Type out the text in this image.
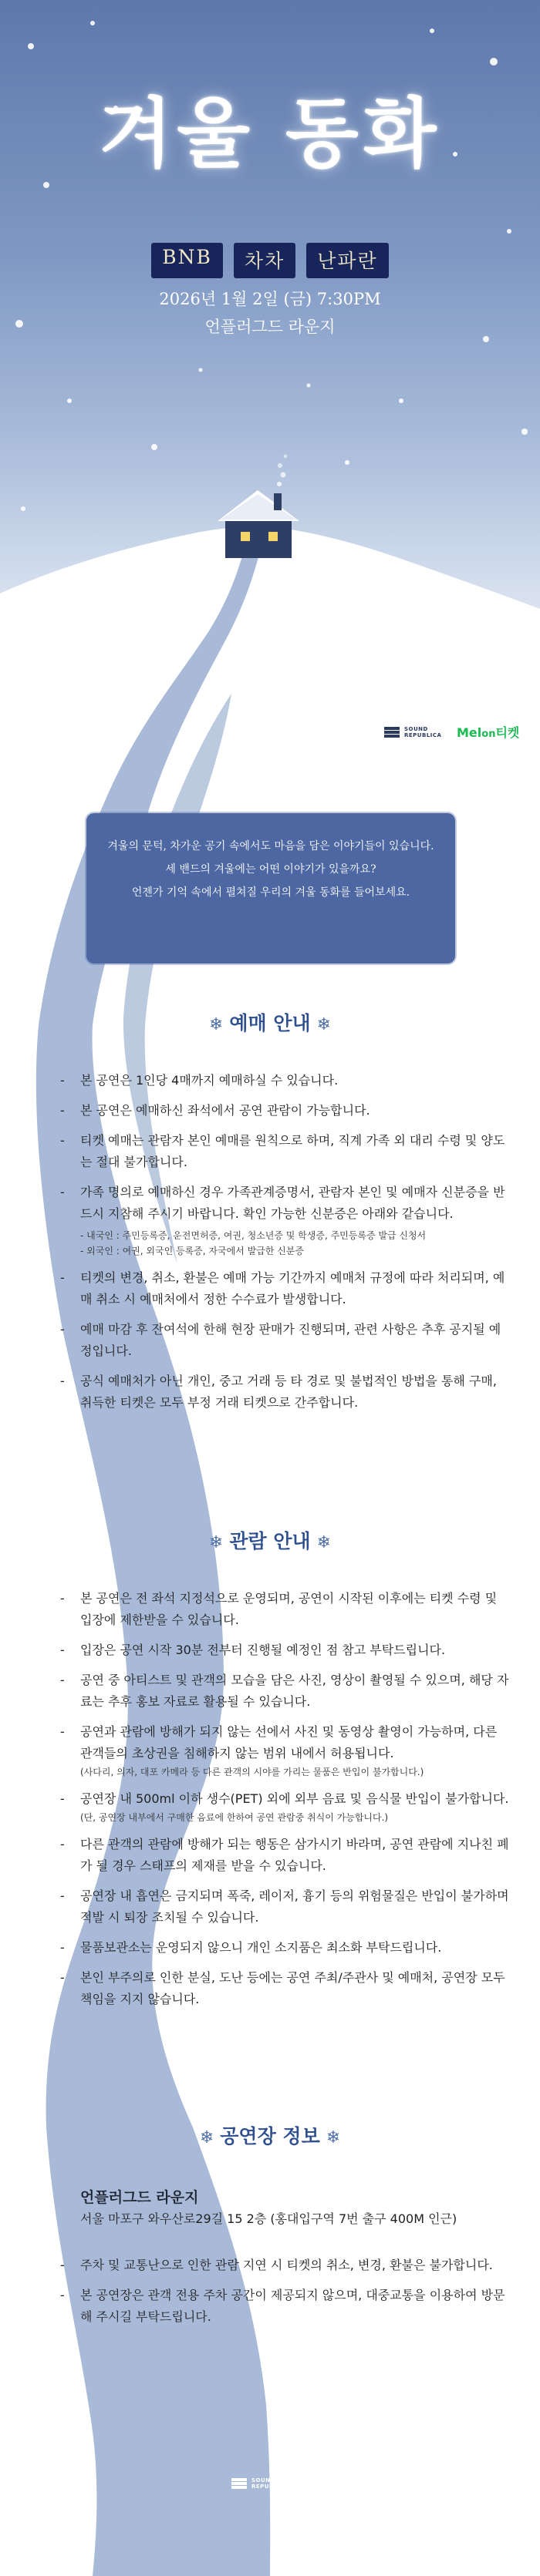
겨울 동화
BNB	차차	난파란
2026년 1월 2일 (금) 7:30PM
언플러그드 라운지
SOUND REPUBLICA Melon티켓
겨울의 문턱, 차가운 공기 속에서도 마음을 담은 이야기들이 있습니다.
세 밴드의 겨울에는 어떤 이야기가 있을까요?
언젠가 기억 속에서 펼쳐질 우리의 겨울 동화를 들어보세요.
❄ 예매 안내 ❄
- 본 공연은 1인당 4매까지 예매하실 수 있습니다.
- 본 공연은 예매하신 좌석에서 공연 관람이 가능합니다.
- 티켓 예매는 관람자 본인 예매를 원칙으로 하며, 직계 가족 외 대리 수령 및 양도는 절대 불가합니다.
- 가족 명의로 예매하신 경우 가족관계증명서, 관람자 본인 및 예매자 신분증을 반드시 지참해 주시기 바랍니다. 확인 가능한 신분증은 아래와 같습니다.
- 내국인 : 주민등록증, 운전면허증, 여권, 청소년증 및 학생증, 주민등록증 발급 신청서
- 외국인 : 여권, 외국인 등록증, 자국에서 발급한 신분증
- 티켓의 변경, 취소, 환불은 예매 가능 기간까지 예매처 규정에 따라 처리되며, 예매 취소 시 예매처에서 정한 수수료가 발생합니다.
- 예매 마감 후 잔여석에 한해 현장 판매가 진행되며, 관련 사항은 추후 공지될 예정입니다.
- 공식 예매처가 아닌 개인, 중고 거래 등 타 경로 및 불법적인 방법을 통해 구매, 취득한 티켓은 모두 부정 거래 티켓으로 간주합니다.
❄ 관람 안내 ❄
- 본 공연은 전 좌석 지정석으로 운영되며, 공연이 시작된 이후에는 티켓 수령 및 입장에 제한받을 수 있습니다.
- 입장은 공연 시작 30분 전부터 진행될 예정인 점 참고 부탁드립니다.
- 공연 중 아티스트 및 관객의 모습을 담은 사진, 영상이 촬영될 수 있으며, 해당 자료는 추후 홍보 자료로 활용될 수 있습니다.
- 공연과 관람에 방해가 되지 않는 선에서 사진 및 동영상 촬영이 가능하며, 다른 관객들의 초상권을 침해하지 않는 범위 내에서 허용됩니다.
(사다리, 의자, 대포 카메라 등 다른 관객의 시야를 가리는 물품은 반입이 불가합니다.)
- 공연장 내 500ml 이하 생수(PET) 외에 외부 음료 및 음식물 반입이 불가합니다.
(단, 공연장 내부에서 구매한 음료에 한하여 공연 관람중 취식이 가능합니다.)
- 다른 관객의 관람에 방해가 되는 행동은 삼가시기 바라며, 공연 관람에 지나친 폐가 될 경우 스태프의 제재를 받을 수 있습니다.
- 공연장 내 흡연은 금지되며 폭죽, 레이저, 흉기 등의 위험물질은 반입이 불가하며 적발 시 퇴장 조치될 수 있습니다.
- 물품보관소는 운영되지 않으니 개인 소지품은 최소화 부탁드립니다.
- 본인 부주의로 인한 분실, 도난 등에는 공연 주최/주관사 및 예매처, 공연장 모두 책임을 지지 않습니다.
❄ 공연장 정보 ❄
언플러그드 라운지
서울 마포구 와우산로29길 15 2층 (홍대입구역 7번 출구 400M 인근)
- 주차 및 교통난으로 인한 관람 지연 시 티켓의 취소, 변경, 환불은 불가합니다.
- 본 공연장은 관객 전용 주차 공간이 제공되지 않으며, 대중교통을 이용하여 방문해 주시길 부탁드립니다.
SOUND REPUBLICA Melon티켓
